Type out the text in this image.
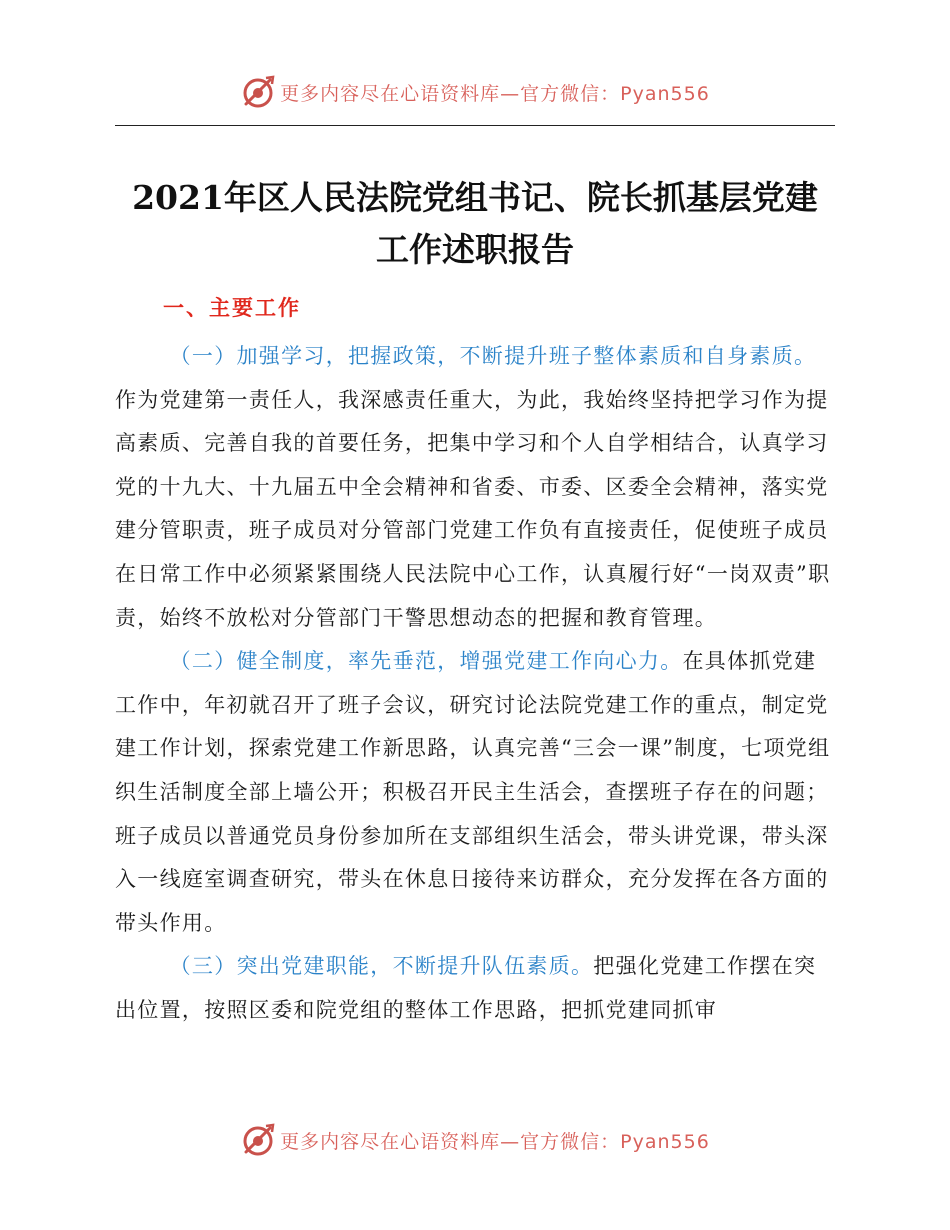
更多内容尽在心语资料库—官方微信：Pyan556
2021年区人民法院党组书记、院长抓基层党建
工作述职报告
一、主要工作

（一）加强学习，把握政策，不断提升班子整体素质和自身素质。作为党建第一责任人，我深感责任重大，为此，我始终坚持把学习作为提高素质、完善自我的首要任务，把集中学习和个人自学相结合，认真学习党的十九大、十九届五中全会精神和省委、市委、区委全会精神，落实党建分管职责，班子成员对分管部门党建工作负有直接责任，促使班子成员在日常工作中必须紧紧围绕人民法院中心工作，认真履行好“一岗双责”职责，始终不放松对分管部门干警思想动态的把握和教育管理。

（二）健全制度，率先垂范，增强党建工作向心力。在具体抓党建工作中，年初就召开了班子会议，研究讨论法院党建工作的重点，制定党建工作计划，探索党建工作新思路，认真完善“三会一课”制度，七项党组织生活制度全部上墙公开；积极召开民主生活会，查摆班子存在的问题；班子成员以普通党员身份参加所在支部组织生活会，带头讲党课，带头深入一线庭室调查研究，带头在休息日接待来访群众，充分发挥在各方面的带头作用。

（三）突出党建职能，不断提升队伍素质。把强化党建工作摆在突出位置，按照区委和院党组的整体工作思路，把抓党建同抓审

更多内容尽在心语资料库—官方微信：Pyan556
